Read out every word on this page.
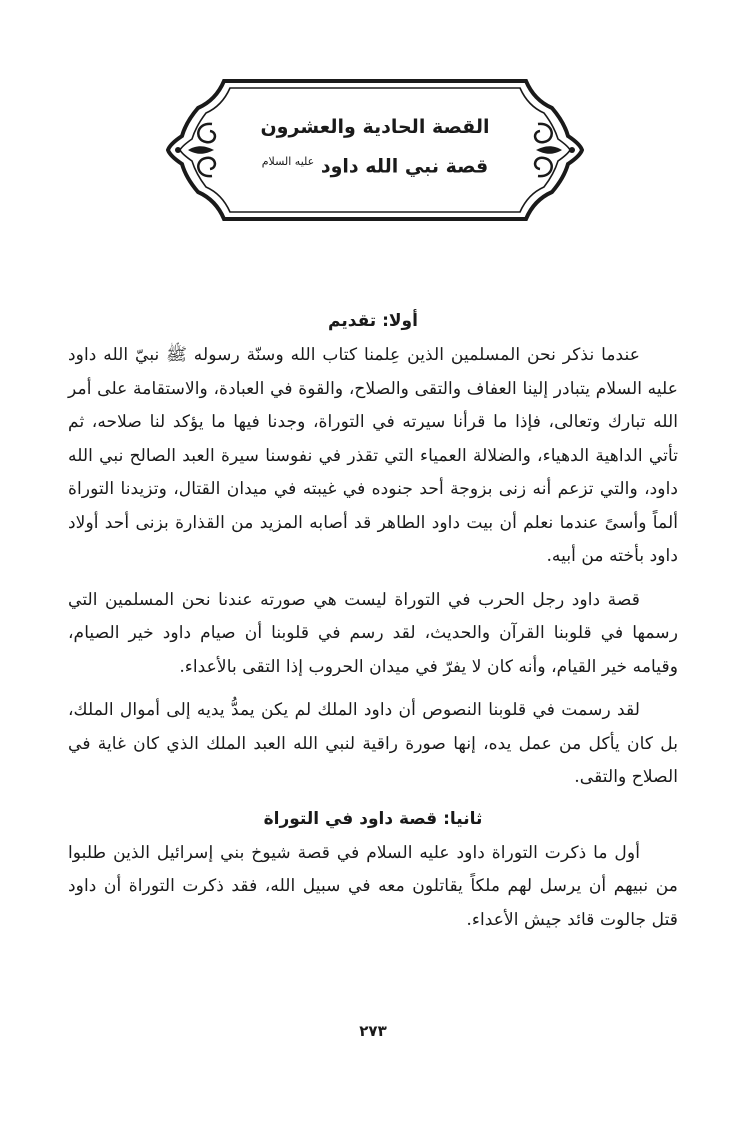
القصة الحادية والعشرون

قصة نبي الله داود $^{عليه السلام}$

أولا: تقديم

عندما نذكر نحن المسلمين الذين عِلمنا كتاب الله وسنّة رسوله ﷺ نبيّ الله داود عليه السلام يتبادر إلينا العفاف والتقى والصلاح، والقوة في العبادة، والاستقامة على أمر الله تبارك وتعالى، فإذا ما قرأنا سيرته في التوراة، وجدنا فيها ما يؤكد لنا صلاحه، ثم تأتي الداهية الدهياء، والضلالة العمياء التي تقذر في نفوسنا سيرة العبد الصالح نبي الله داود، والتي تزعم أنه زنى بزوجة أحد جنوده في غيبته في ميدان القتال، وتزيدنا التوراة ألماً وأسىً عندما نعلم أن بيت داود الطاهر قد أصابه المزيد من القذارة بزنى أحد أولاد داود بأخته من أبيه.

قصة داود رجل الحرب في التوراة ليست هي صورته عندنا نحن المسلمين التي رسمها في قلوبنا القرآن والحديث، لقد رسم في قلوبنا أن صيام داود خير الصيام، وقيامه خير القيام، وأنه كان لا يفرّ في ميدان الحروب إذا التقى بالأعداء.

لقد رسمت في قلوبنا النصوص أن داود الملك لم يكن يمدُّ يديه إلى أموال الملك، بل كان يأكل من عمل يده، إنها صورة راقية لنبي الله العبد الملك الذي كان غاية في الصلاح والتقى.

ثانيا: قصة داود في التوراة

أول ما ذكرت التوراة داود عليه السلام في قصة شيوخ بني إسرائيل الذين طلبوا من نبيهم أن يرسل لهم ملكاً يقاتلون معه في سبيل الله، فقد ذكرت التوراة أن داود قتل جالوت قائد جيش الأعداء.

٢٧٣
